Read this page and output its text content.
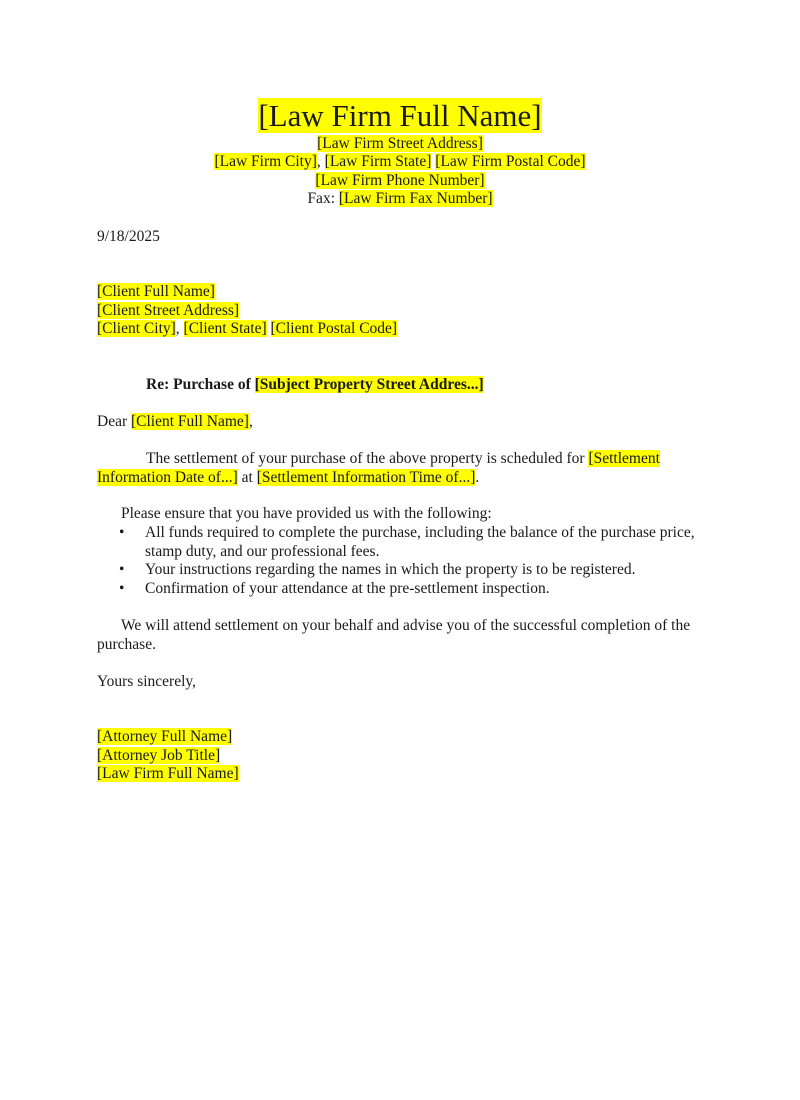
[Law Firm Full Name]
[Law Firm Street Address]
[Law Firm City], [Law Firm State] [Law Firm Postal Code]
[Law Firm Phone Number]
Fax: [Law Firm Fax Number]
9/18/2025
[Client Full Name]
[Client Street Address]
[Client City], [Client State] [Client Postal Code]
Re: Purchase of [Subject Property Street Addres...]
Dear [Client Full Name],
The settlement of your purchase of the above property is scheduled for [Settlement Information Date of...] at [Settlement Information Time of...].
Please ensure that you have provided us with the following:
• All funds required to complete the purchase, including the balance of the purchase price, stamp duty, and our professional fees.
• Your instructions regarding the names in which the property is to be registered.
• Confirmation of your attendance at the pre-settlement inspection.
We will attend settlement on your behalf and advise you of the successful completion of the purchase.
Yours sincerely,
[Attorney Full Name]
[Attorney Job Title]
[Law Firm Full Name]
